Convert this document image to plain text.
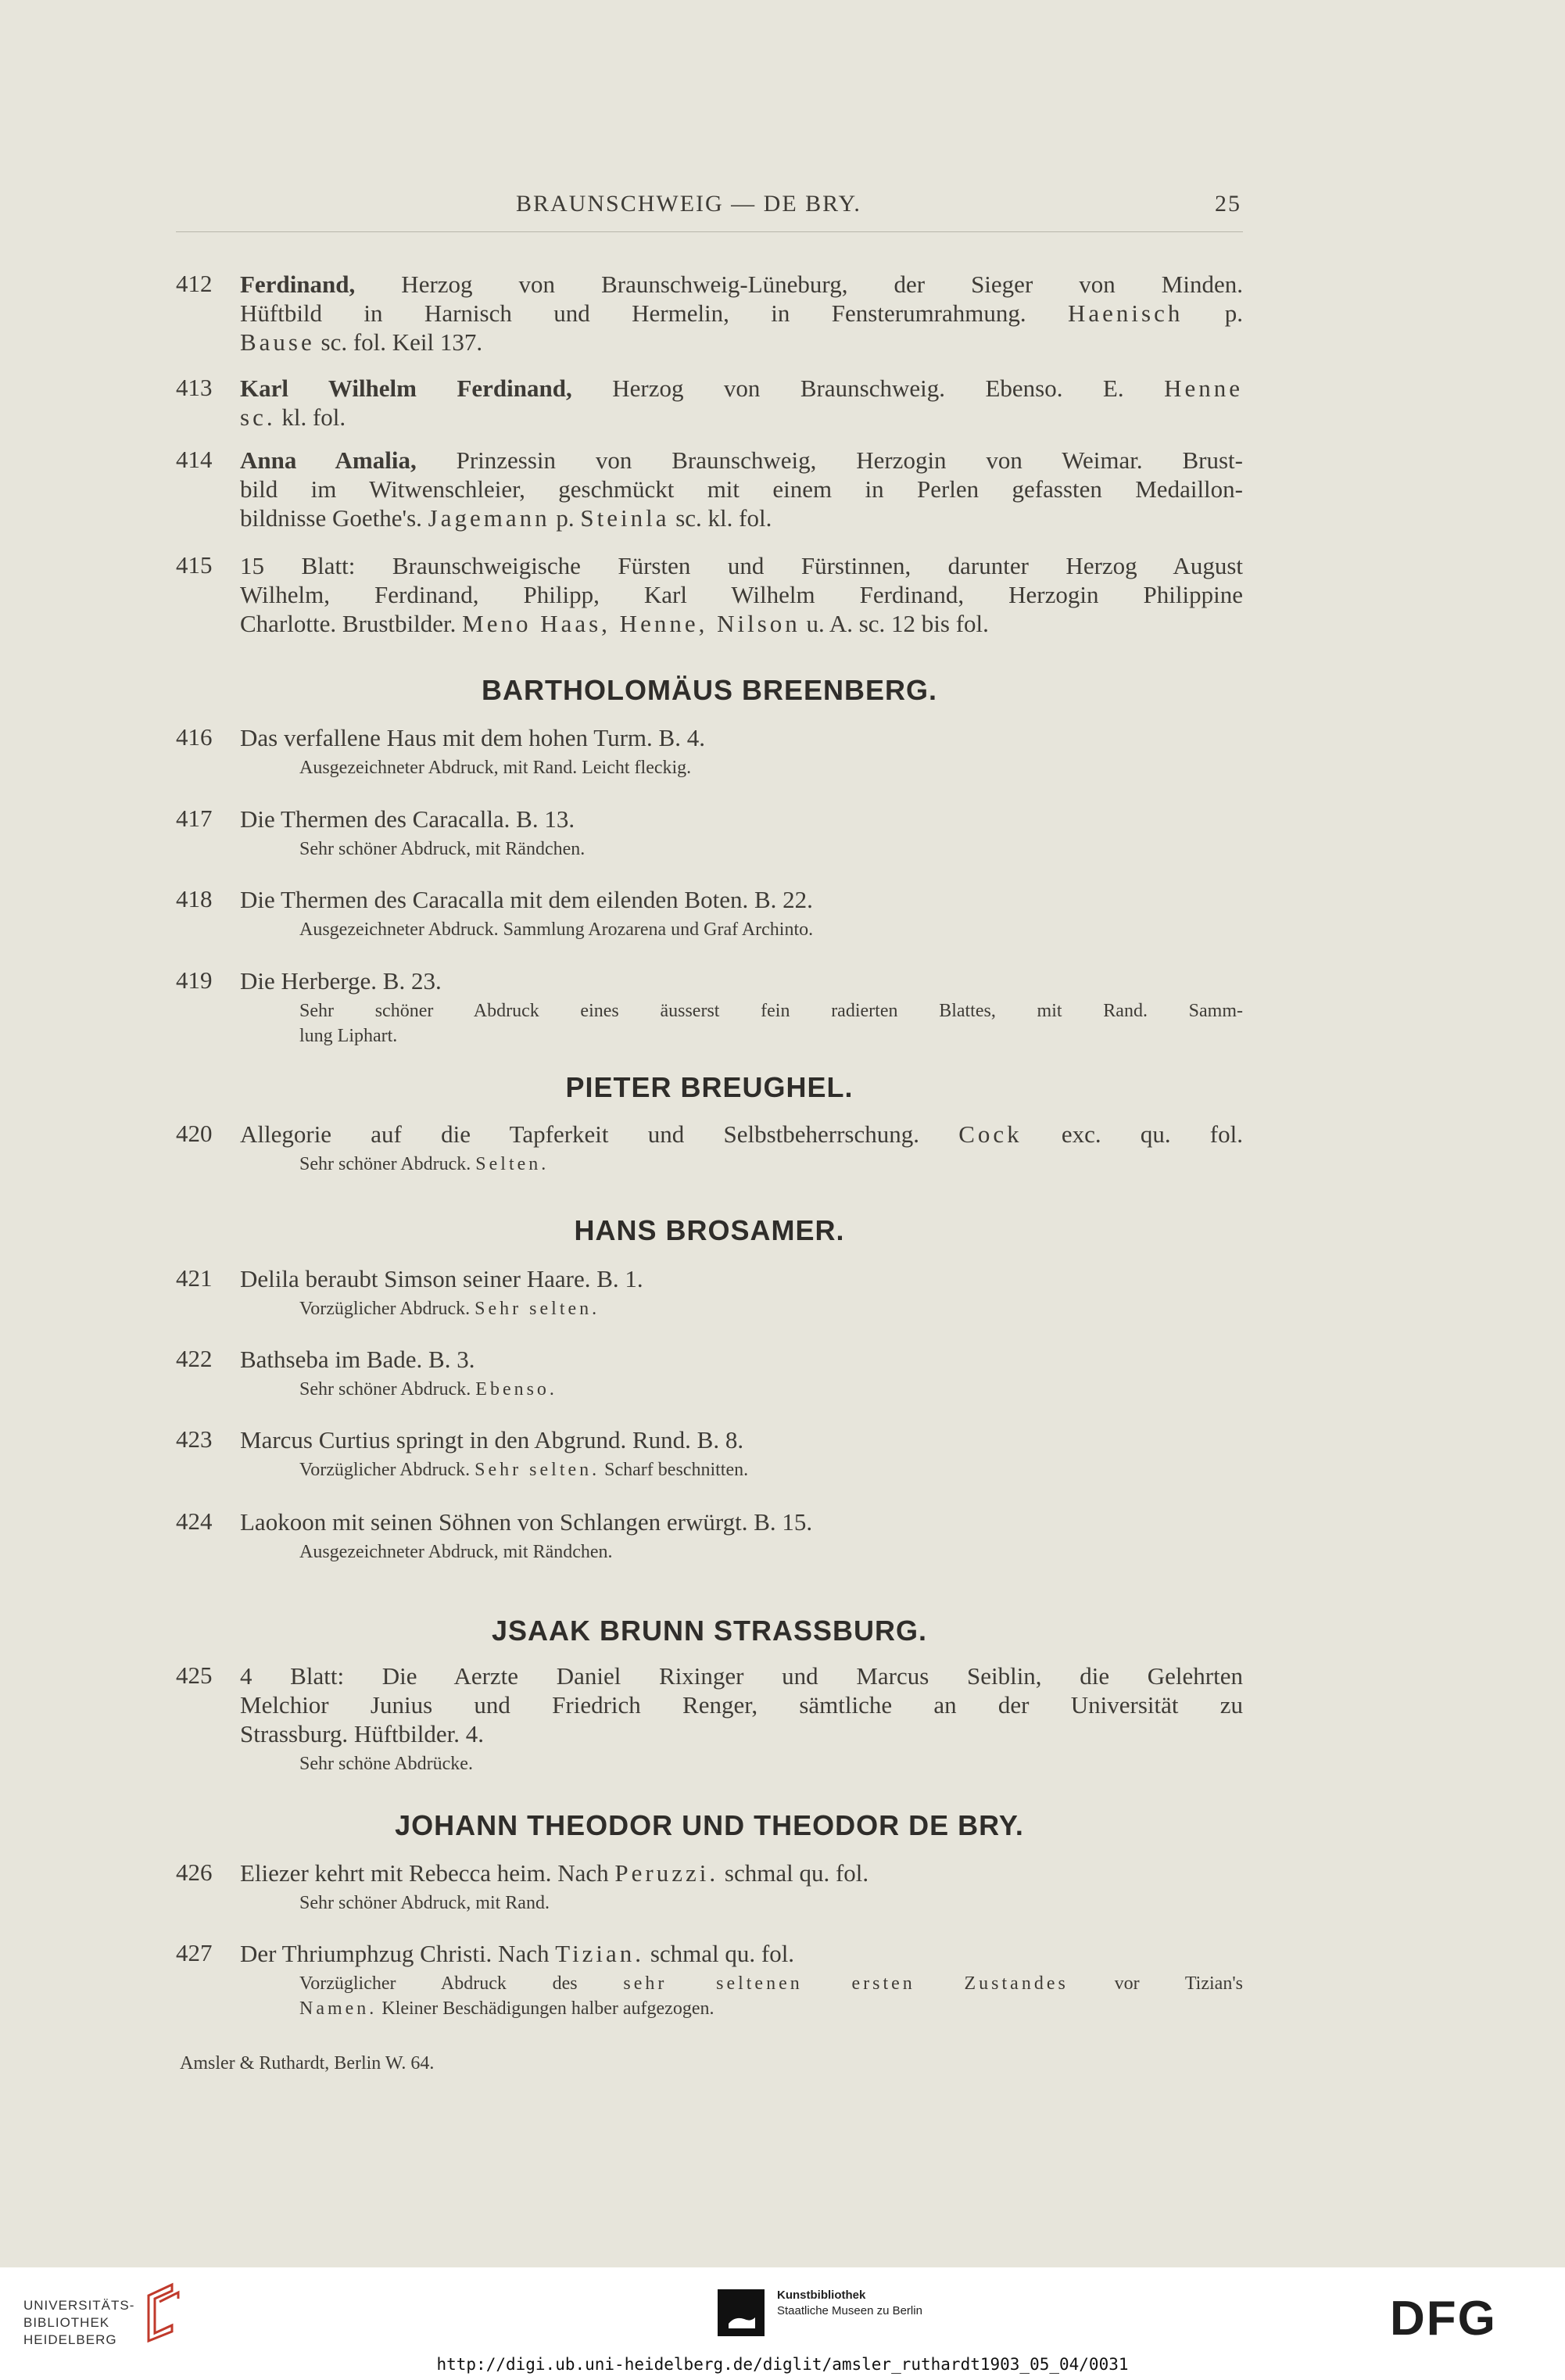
BRAUNSCHWEIG — DE BRY.	25
412 Ferdinand, Herzog von Braunschweig-Lüneburg, der Sieger von Minden.
Hüftbild in Harnisch und Hermelin, in Fensterumrahmung. Haenisch p.
Bause sc. fol. Keil 137.
413 Karl Wilhelm Ferdinand, Herzog von Braunschweig. Ebenso. E. Henne
sc. kl. fol.
414 Anna Amalia, Prinzessin von Braunschweig, Herzogin von Weimar. Brust-
bild im Witwenschleier, geschmückt mit einem in Perlen gefassten Medaillon-
bildnisse Goethe's. Jagemann p. Steinla sc. kl. fol.
415 15 Blatt: Braunschweigische Fürsten und Fürstinnen, darunter Herzog August
Wilhelm, Ferdinand, Philipp, Karl Wilhelm Ferdinand, Herzogin Philippine
Charlotte. Brustbilder. Meno Haas, Henne, Nilson u. A. sc. 12 bis fol.
BARTHOLOMÄUS BREENBERG.
416 Das verfallene Haus mit dem hohen Turm. B. 4.
Ausgezeichneter Abdruck, mit Rand. Leicht fleckig.
417 Die Thermen des Caracalla. B. 13.
Sehr schöner Abdruck, mit Rändchen.
418 Die Thermen des Caracalla mit dem eilenden Boten. B. 22.
Ausgezeichneter Abdruck. Sammlung Arozarena und Graf Archinto.
419 Die Herberge. B. 23.
Sehr schöner Abdruck eines äusserst fein radierten Blattes, mit Rand. Samm-
lung Liphart.
PIETER BREUGHEL.
420 Allegorie auf die Tapferkeit und Selbstbeherrschung. Cock exc. qu. fol.
Sehr schöner Abdruck. Selten.
HANS BROSAMER.
421 Delila beraubt Simson seiner Haare. B. 1.
Vorzüglicher Abdruck. Sehr selten.
422 Bathseba im Bade. B. 3.
Sehr schöner Abdruck. Ebenso.
423 Marcus Curtius springt in den Abgrund. Rund. B. 8.
Vorzüglicher Abdruck. Sehr selten. Scharf beschnitten.
424 Laokoon mit seinen Söhnen von Schlangen erwürgt. B. 15.
Ausgezeichneter Abdruck, mit Rändchen.
JSAAK BRUNN STRASSBURG.
425 4 Blatt: Die Aerzte Daniel Rixinger und Marcus Seiblin, die Gelehrten
Melchior Junius und Friedrich Renger, sämtliche an der Universität zu
Strassburg. Hüftbilder. 4.
Sehr schöne Abdrücke.
JOHANN THEODOR UND THEODOR DE BRY.
426 Eliezer kehrt mit Rebecca heim. Nach Peruzzi. schmal qu. fol.
Sehr schöner Abdruck, mit Rand.
427 Der Thriumphzug Christi. Nach Tizian. schmal qu. fol.
Vorzüglicher Abdruck des sehr seltenen ersten Zustandes vor Tizian's
Namen. Kleiner Beschädigungen halber aufgezogen.
Amsler & Ruthardt, Berlin W. 64.
UNIVERSITÄTS-
BIBLIOTHEK
HEIDELBERG
Kunstbibliothek
Staatliche Museen zu Berlin	DFG
http://digi.ub.uni-heidelberg.de/diglit/amsler_ruthardt1903_05_04/0031
